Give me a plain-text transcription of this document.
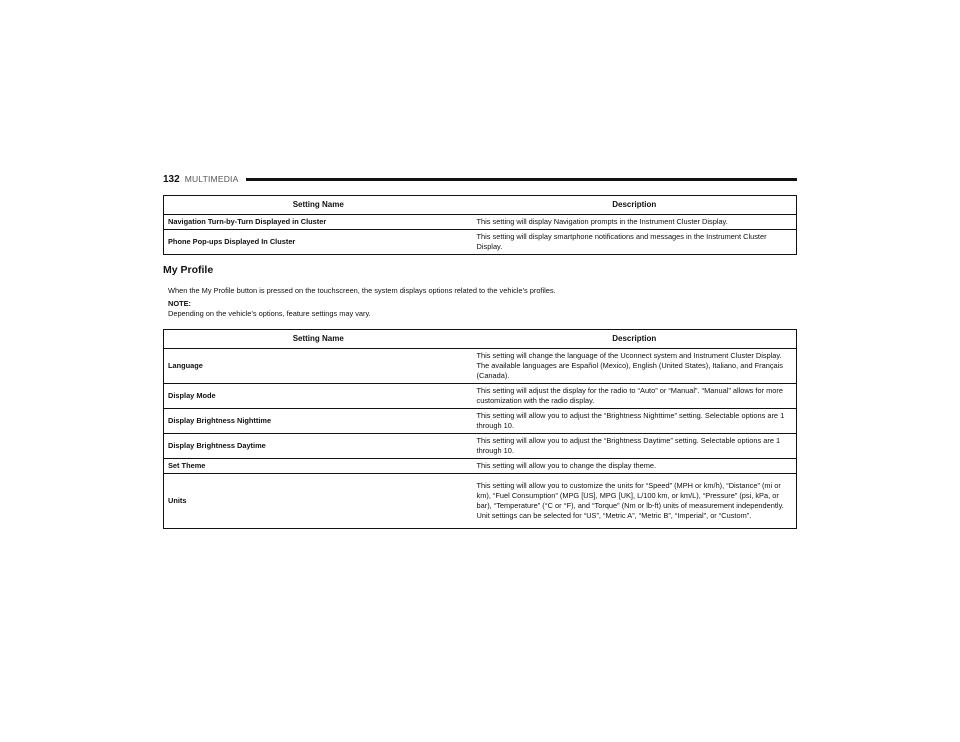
132 MULTIMEDIA
Setting Name	Description
Navigation Turn-by-Turn Displayed in Cluster	This setting will display Navigation prompts in the Instrument Cluster Display.
Phone Pop-ups Displayed In Cluster	This setting will display smartphone notifications and messages in the Instrument Cluster Display.
My Profile
When the My Profile button is pressed on the touchscreen, the system displays options related to the vehicle’s profiles.
NOTE:
Depending on the vehicle’s options, feature settings may vary.
Setting Name	Description
Language	This setting will change the language of the Uconnect system and Instrument Cluster Display. The available languages are Español (Mexico), English (United States), Italiano, and Français (Canada).
Display Mode	This setting will adjust the display for the radio to “Auto” or “Manual”. “Manual” allows for more customization with the radio display.
Display Brightness Nighttime	This setting will allow you to adjust the “Brightness Nighttime” setting. Selectable options are 1 through 10.
Display Brightness Daytime	This setting will allow you to adjust the “Brightness Daytime” setting. Selectable options are 1 through 10.
Set Theme	This setting will allow you to change the display theme.
Units	This setting will allow you to customize the units for “Speed” (MPH or km/h), “Distance” (mi or km), “Fuel Consumption” (MPG [US], MPG [UK], L/100 km, or km/L), “Pressure” (psi, kPa, or bar), “Temperature” (°C or °F), and “Torque” (Nm or lb-ft) units of measurement independently. Unit settings can be selected for “US”, “Metric A”, “Metric B”, “Imperial”, or “Custom”.
